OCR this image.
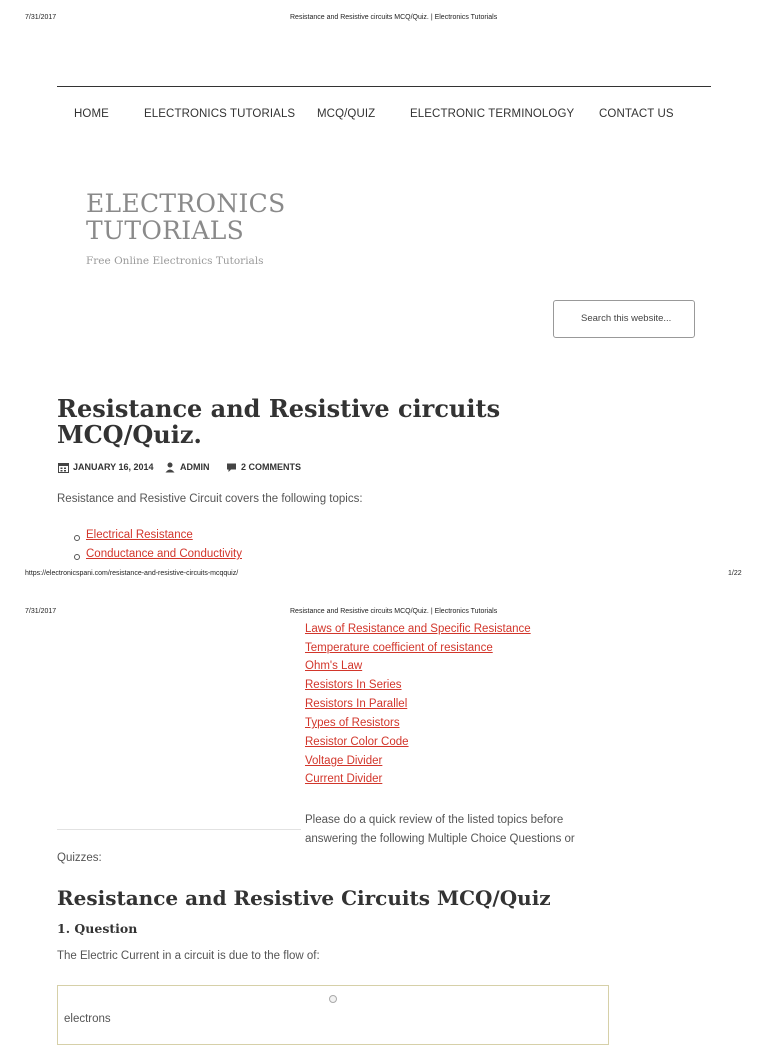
7/31/2017	Resistance and Resistive circuits MCQ/Quiz. | Electronics Tutorials
HOME	ELECTRONICS TUTORIALS MCQ/QUIZ	ELECTRONIC TERMINOLOGY CONTACT US
ELECTRONICS
TUTORIALS
Free Online Electronics Tutorials
Search this website...
Resistance and Resistive circuits MCQ/Quiz.
JANUARY 16, 2014	ADMIN	2 COMMENTS
Resistance and Resistive Circuit covers the following topics:
Electrical Resistance
Conductance and Conductivity
https://electronicspani.com/resistance-and-resistive-circuits-mcqquiz/	1/22
7/31/2017	Resistance and Resistive circuits MCQ/Quiz. | Electronics Tutorials
Laws of Resistance and Specific Resistance
Temperature coefficient of resistance
Ohm's Law
Resistors In Series
Resistors In Parallel
Types of Resistors
Resistor Color Code
Voltage Divider
Current Divider
Please do a quick review of the listed topics before
answering the following Multiple Choice Questions or
Quizzes:
Resistance and Resistive Circuits MCQ/Quiz
1. Question
The Electric Current in a circuit is due to the flow of:
electrons
